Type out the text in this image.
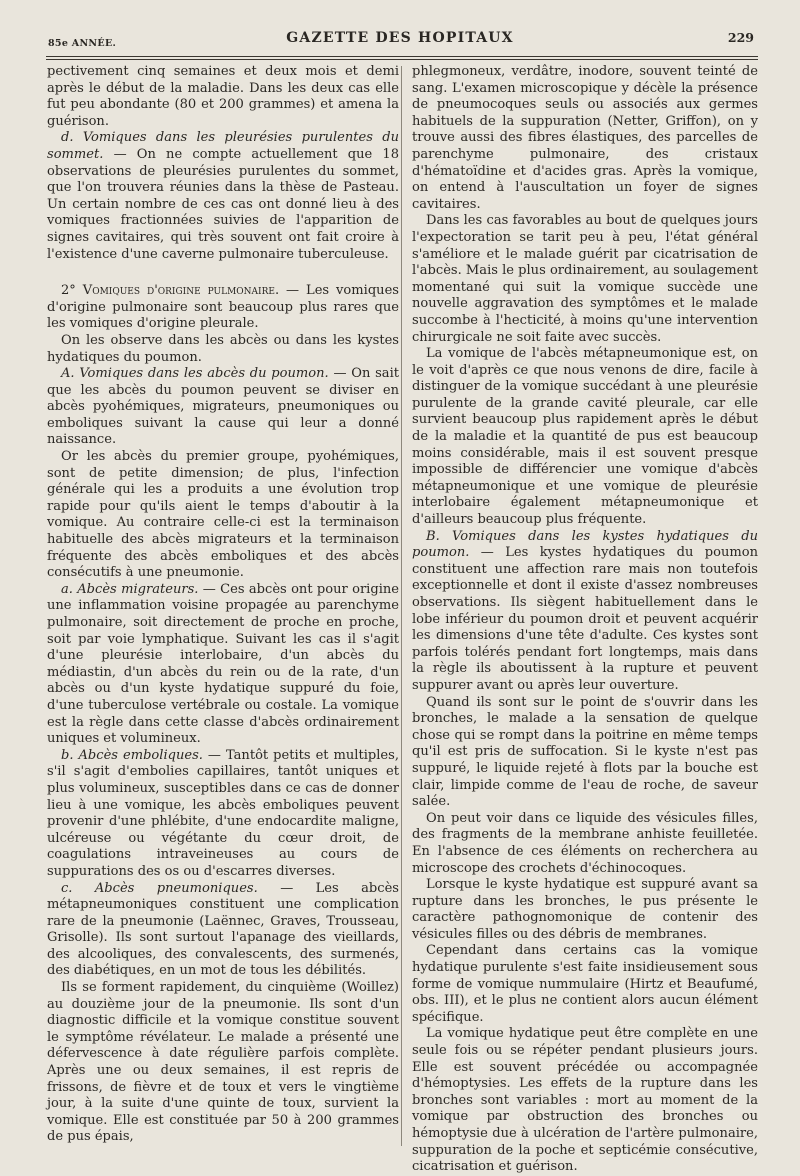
85e ANNÉE.	GAZETTE DES HOPITAUX	229

pectivement cinq semaines et deux mois et demi après le début de la maladie. Dans les deux cas elle fut peu abondante (80 et 200 grammes) et amena la guérison.

d. Vomiques dans les pleurésies purulentes du sommet. — On ne compte actuellement que 18 observations de pleurésies purulentes du sommet, que l'on trouvera réunies dans la thèse de Pasteau. Un certain nombre de ces cas ont donné lieu à des vomiques fractionnées suivies de l'apparition de signes cavitaires, qui très souvent ont fait croire à l'existence d'une caverne pulmonaire tuberculeuse.

2° Vomiques d'origine pulmonaire. — Les vomiques d'origine pulmonaire sont beaucoup plus rares que les vomiques d'origine pleurale.

On les observe dans les abcès ou dans les kystes hydatiques du poumon.

A. Vomiques dans les abcès du poumon. — On sait que les abcès du poumon peuvent se diviser en abcès pyohémiques, migrateurs, pneumoniques ou emboliques suivant la cause qui leur a donné naissance.

Or les abcès du premier groupe, pyohémiques, sont de petite dimension; de plus, l'infection générale qui les a produits a une évolution trop rapide pour qu'ils aient le temps d'aboutir à la vomique. Au contraire celle-ci est la terminaison habituelle des abcès migrateurs et la terminaison fréquente des abcès emboliques et des abcès consécutifs à une pneumonie.

a. Abcès migrateurs. — Ces abcès ont pour origine une inflammation voisine propagée au parenchyme pulmonaire, soit directement de proche en proche, soit par voie lymphatique. Suivant les cas il s'agit d'une pleurésie interlobaire, d'un abcès du médiastin, d'un abcès du rein ou de la rate, d'un abcès ou d'un kyste hydatique suppuré du foie, d'une tuberculose vertébrale ou costale. La vomique est la règle dans cette classe d'abcès ordinairement uniques et volumineux.

b. Abcès emboliques. — Tantôt petits et multiples, s'il s'agit d'embolies capillaires, tantôt uniques et plus volumineux, susceptibles dans ce cas de donner lieu à une vomique, les abcès emboliques peuvent provenir d'une phlébite, d'une endocardite maligne, ulcéreuse ou végétante du cœur droit, de coagulations intraveineuses au cours de suppurations des os ou d'escarres diverses.

c. Abcès pneumoniques. — Les abcès métapneumoniques constituent une complication rare de la pneumonie (Laënnec, Graves, Trousseau, Grisolle). Ils sont surtout l'apanage des vieillards, des alcooliques, des convalescents, des surmenés, des diabétiques, en un mot de tous les débilités.

Ils se forment rapidement, du cinquième (Woillez) au douzième jour de la pneumonie. Ils sont d'un diagnostic difficile et la vomique constitue souvent le symptôme révélateur. Le malade a présenté une défervescence à date régulière parfois complète. Après une ou deux semaines, il est repris de frissons, de fièvre et de toux et vers le vingtième jour, à la suite d'une quinte de toux, survient la vomique. Elle est constituée par 50 à 200 grammes de pus épais,

phlegmoneux, verdâtre, inodore, souvent teinté de sang. L'examen microscopique y décèle la présence de pneumocoques seuls ou associés aux germes habituels de la suppuration (Netter, Griffon), on y trouve aussi des fibres élastiques, des parcelles de parenchyme pulmonaire, des cristaux d'hématoïdine et d'acides gras. Après la vomique, on entend à l'auscultation un foyer de signes cavitaires.

Dans les cas favorables au bout de quelques jours l'expectoration se tarit peu à peu, l'état général s'améliore et le malade guérit par cicatrisation de l'abcès. Mais le plus ordinairement, au soulagement momentané qui suit la vomique succède une nouvelle aggravation des symptômes et le malade succombe à l'hecticité, à moins qu'une intervention chirurgicale ne soit faite avec succès.

La vomique de l'abcès métapneumonique est, on le voit d'après ce que nous venons de dire, facile à distinguer de la vomique succédant à une pleurésie purulente de la grande cavité pleurale, car elle survient beaucoup plus rapidement après le début de la maladie et la quantité de pus est beaucoup moins considérable, mais il est souvent presque impossible de différencier une vomique d'abcès métapneumonique et une vomique de pleurésie interlobaire également métapneumonique et d'ailleurs beaucoup plus fréquente.

B. Vomiques dans les kystes hydatiques du poumon. — Les kystes hydatiques du poumon constituent une affection rare mais non toutefois exceptionnelle et dont il existe d'assez nombreuses observations. Ils siègent habituellement dans le lobe inférieur du poumon droit et peuvent acquérir les dimensions d'une tête d'adulte. Ces kystes sont parfois tolérés pendant fort longtemps, mais dans la règle ils aboutissent à la rupture et peuvent suppurer avant ou après leur ouverture.

Quand ils sont sur le point de s'ouvrir dans les bronches, le malade a la sensation de quelque chose qui se rompt dans la poitrine en même temps qu'il est pris de suffocation. Si le kyste n'est pas suppuré, le liquide rejeté à flots par la bouche est clair, limpide comme de l'eau de roche, de saveur salée.

On peut voir dans ce liquide des vésicules filles, des fragments de la membrane anhiste feuilletée. En l'absence de ces éléments on recherchera au microscope des crochets d'échinocoques.

Lorsque le kyste hydatique est suppuré avant sa rupture dans les bronches, le pus présente le caractère pathognomonique de contenir des vésicules filles ou des débris de membranes.

Cependant dans certains cas la vomique hydatique purulente s'est faite insidieusement sous forme de vomique nummulaire (Hirtz et Beaufumé, obs. III), et le plus ne contient alors aucun élément spécifique.

La vomique hydatique peut être complète en une seule fois ou se répéter pendant plusieurs jours. Elle est souvent précédée ou accompagnée d'hémoptysies. Les effets de la rupture dans les bronches sont variables : mort au moment de la vomique par obstruction des bronches ou hémoptysie due à ulcération de l'artère pulmonaire, suppuration de la poche et septicémie consécutive, cicatrisation et guérison.
